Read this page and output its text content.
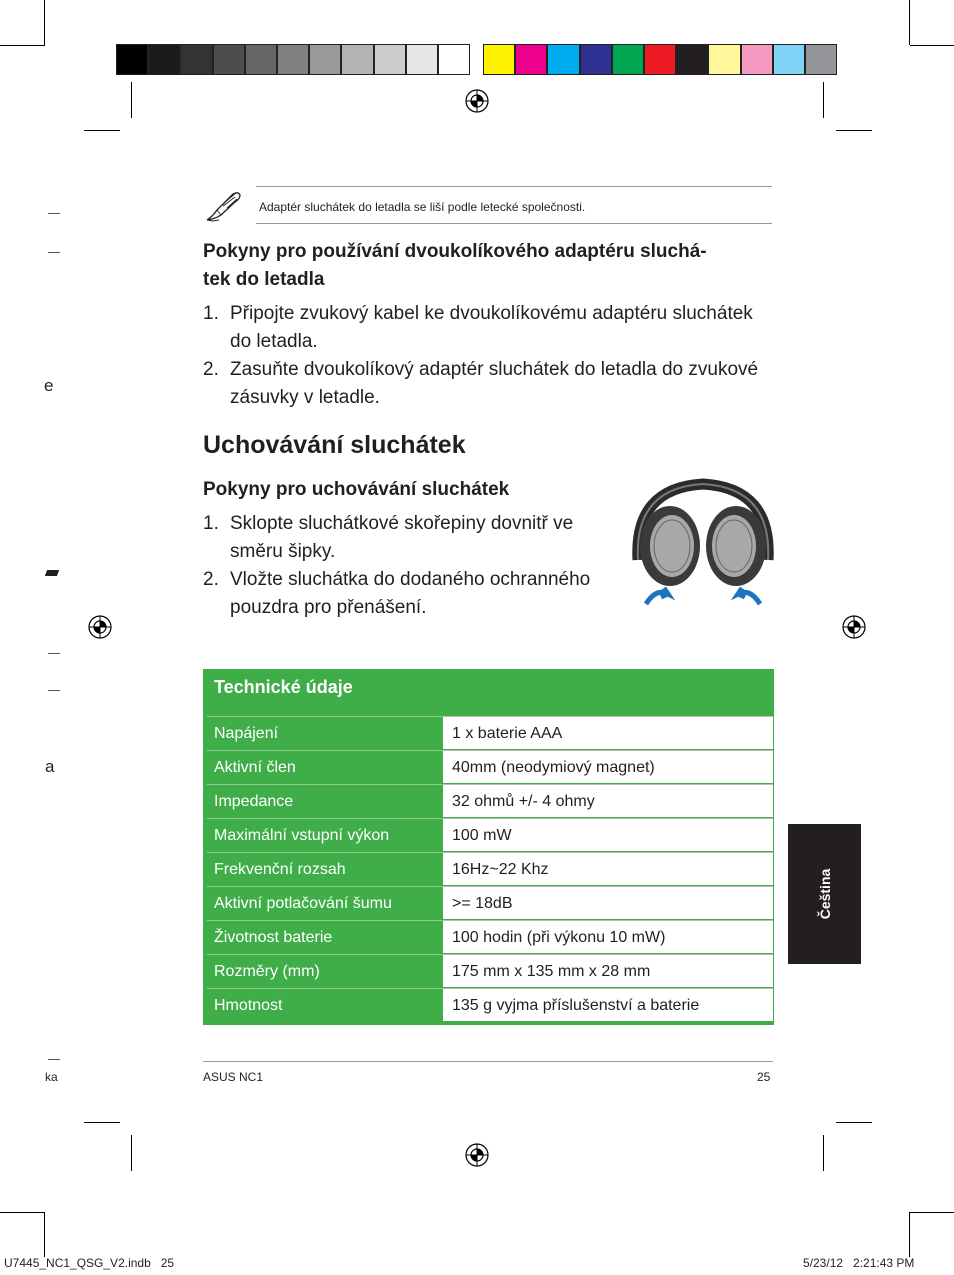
e
a
Adaptér sluchátek do letadla se liší podle letecké společnosti.
Pokyny pro používání dvoukolíkového adaptéru sluchá-
tek do letadla
1. Připojte zvukový kabel ke dvoukolíkovému adaptéru sluchátek do letadla.
2. Zasuňte dvoukolíkový adaptér sluchátek do letadla do zvukové zásuvky v letadle.
Uchovávání sluchátek
Pokyny pro uchovávání sluchátek
1. Sklopte sluchátkové skořepiny dovnitř ve směru šipky.
2. Vložte sluchátka do dodaného ochranného pouzdra pro přenášení.
Technické údaje
Napájení	1 x baterie AAA
Aktivní člen	40mm (neodymiový magnet)
Impedance	32 ohmů +/- 4 ohmy
Maximální vstupní výkon	100 mW
Frekvenční rozsah	16Hz~22 Khz
Aktivní potlačování šumu	>= 18dB
Životnost baterie	100 hodin (při výkonu 10 mW)
Rozměry (mm)	175 mm x 135 mm x 28 mm
Hmotnost	135 g vyjma příslušenství a baterie
Čeština
ka	ASUS NC1	25
U7445_NC1_QSG_V2.indb   25	5/23/12   2:21:43 PM
